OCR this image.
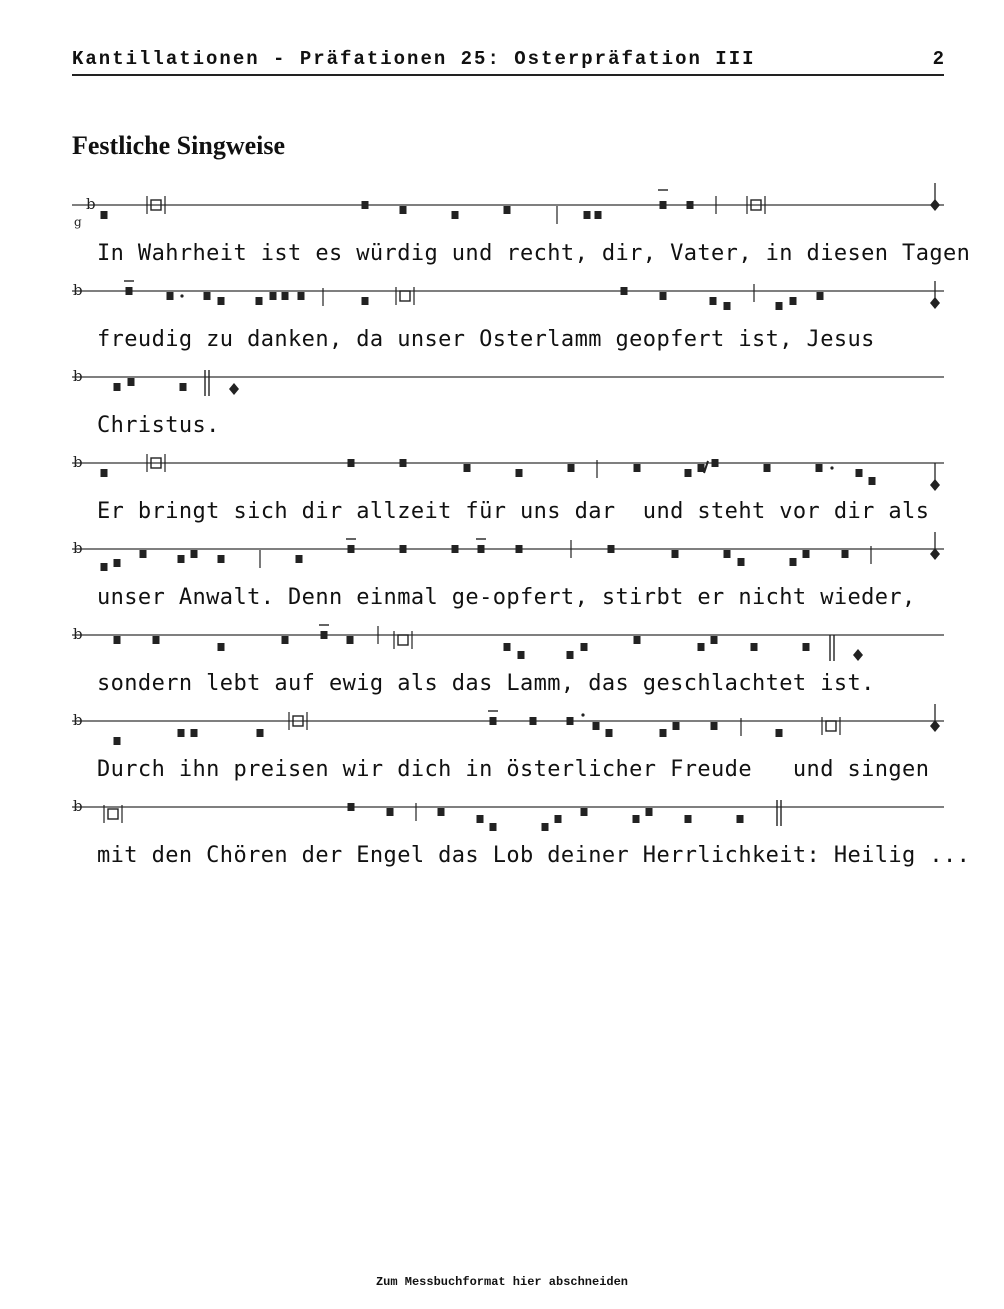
Kantillationen - Präfationen 25: Osterpräfation III	2
Festliche Singweise
b
g
b
b
b
b
b
b
b
In Wahrheit ist es würdig und recht, dir, Vater, in diesen Tagen
freudig zu danken, da unser Osterlamm geopfert ist, Jesus
Christus.
Er bringt sich dir allzeit für uns dar  und steht vor dir als
unser Anwalt. Denn einmal ge-opfert, stirbt er nicht wieder,
sondern lebt auf ewig als das Lamm, das geschlachtet ist.
Durch ihn preisen wir dich in österlicher Freude   und singen
mit den Chören der Engel das Lob deiner Herrlichkeit: Heilig ...
Zum Messbuchformat hier abschneiden
